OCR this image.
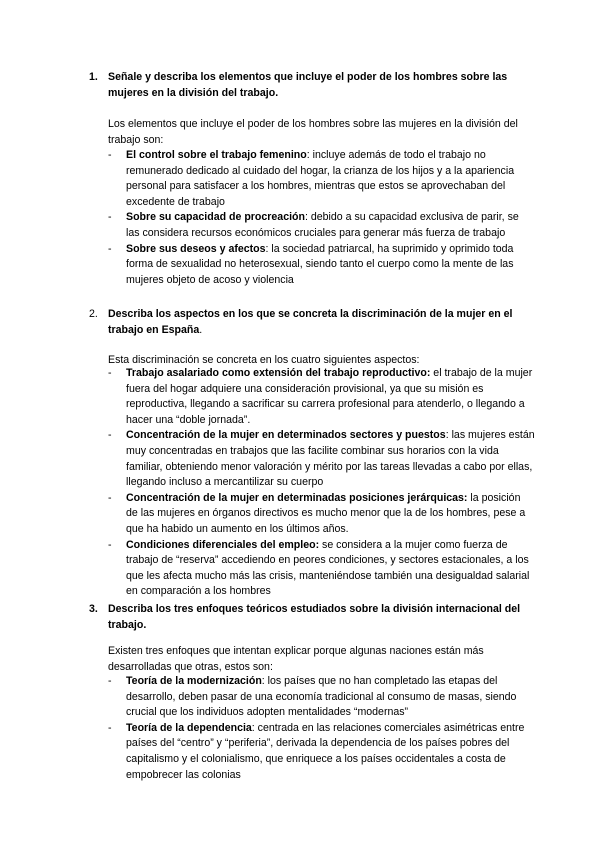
1. Señale y describa los elementos que incluye el poder de los hombres sobre las mujeres en la división del trabajo.
Los elementos que incluye el poder de los hombres sobre las mujeres en la división del trabajo son:
- El control sobre el trabajo femenino: incluye además de todo el trabajo no remunerado dedicado al cuidado del hogar, la crianza de los hijos y a la apariencia personal para satisfacer a los hombres, mientras que estos se aprovechaban del excedente de trabajo
- Sobre su capacidad de procreación: debido a su capacidad exclusiva de parir, se las considera recursos económicos cruciales para generar más fuerza de trabajo
- Sobre sus deseos y afectos: la sociedad patriarcal, ha suprimido y oprimido toda forma de sexualidad no heterosexual, siendo tanto el cuerpo como la mente de las mujeres objeto de acoso y violencia
2. Describa los aspectos en los que se concreta la discriminación de la mujer en el trabajo en España.
Esta discriminación se concreta en los cuatro siguientes aspectos:
- Trabajo asalariado como extensión del trabajo reproductivo: el trabajo de la mujer fuera del hogar adquiere una consideración provisional, ya que su misión es reproductiva, llegando a sacrificar su carrera profesional para atenderlo, o llegando a hacer una “doble jornada”.
- Concentración de la mujer en determinados sectores y puestos: las mujeres están muy concentradas en trabajos que las facilite combinar sus horarios con la vida familiar, obteniendo menor valoración y mérito por las tareas llevadas a cabo por ellas, llegando incluso a mercantilizar su cuerpo
- Concentración de la mujer en determinadas posiciones jerárquicas: la posición de las mujeres en órganos directivos es mucho menor que la de los hombres, pese a que ha habido un aumento en los últimos años.
- Condiciones diferenciales del empleo: se considera a la mujer como fuerza de trabajo de “reserva” accediendo en peores condiciones, y sectores estacionales, a los que les afecta mucho más las crisis, manteniéndose también una desigualdad salarial en comparación a los hombres
3. Describa los tres enfoques teóricos estudiados sobre la división internacional del trabajo.
Existen tres enfoques que intentan explicar porque algunas naciones están más desarrolladas que otras, estos son:
- Teoría de la modernización: los países que no han completado las etapas del desarrollo, deben pasar de una economía tradicional al consumo de masas, siendo crucial que los individuos adopten mentalidades “modernas”
- Teoría de la dependencia: centrada en las relaciones comerciales asimétricas entre países del “centro” y “periferia”, derivada la dependencia de los países pobres del capitalismo y el colonialismo, que enriquece a los países occidentales a costa de empobrecer las colonias
